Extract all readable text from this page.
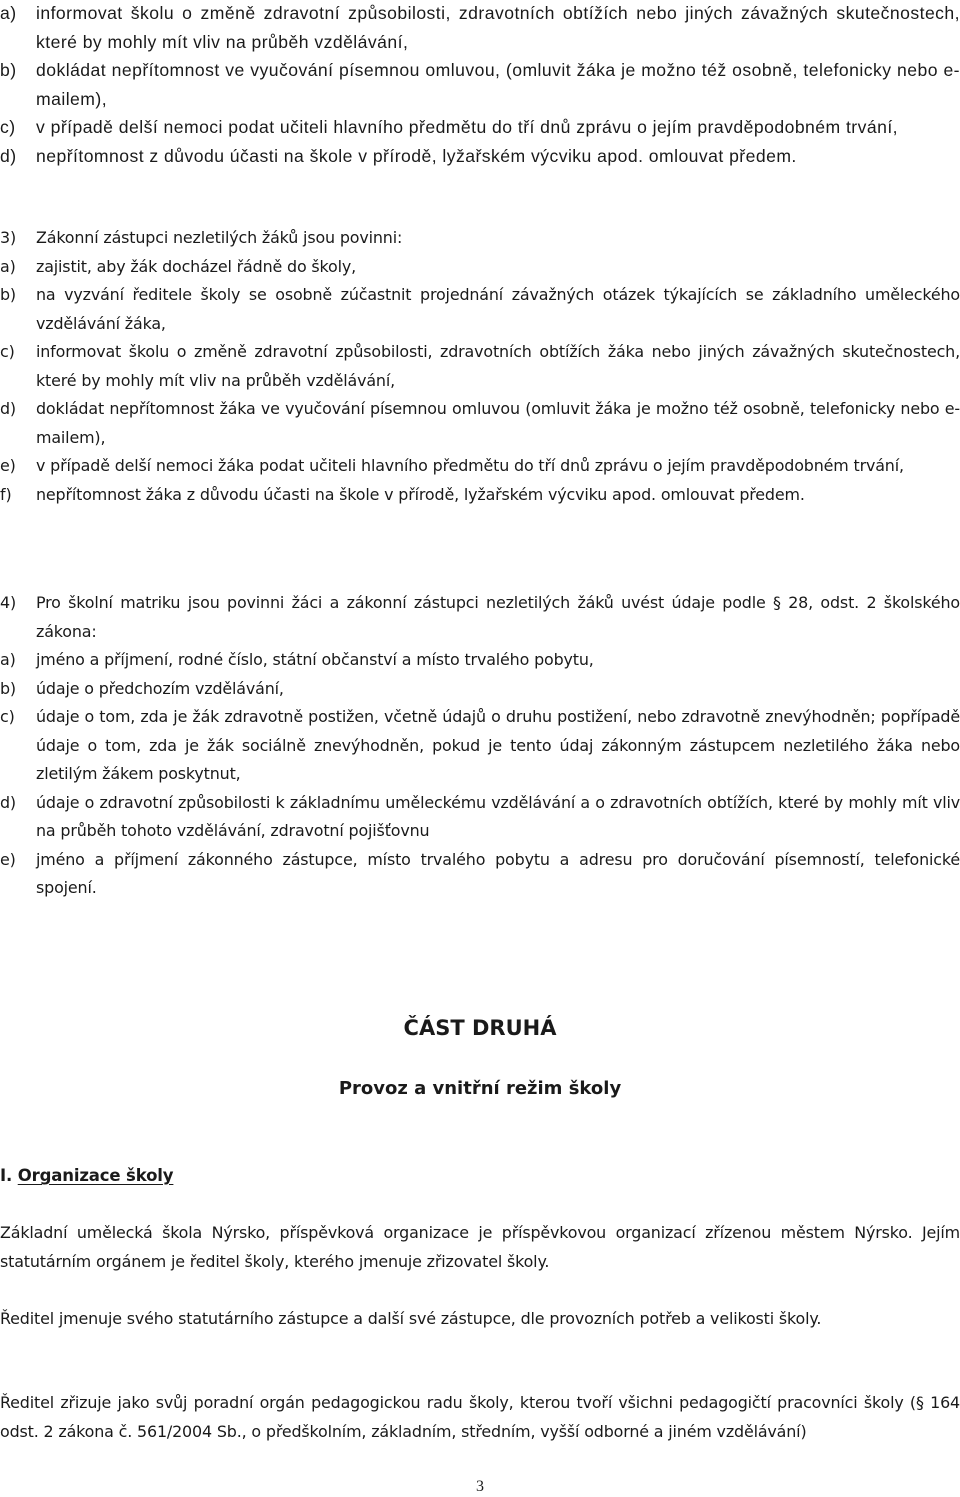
a)	informovat školu o změně zdravotní způsobilosti, zdravotních obtížích nebo jiných závažných skutečnostech, které by mohly mít vliv na průběh vzdělávání,
b)	dokládat nepřítomnost ve vyučování písemnou omluvou, (omluvit žáka je možno též osobně, telefonicky nebo e-mailem),
c)	v případě delší nemoci podat učiteli hlavního předmětu do tří dnů zprávu o jejím pravděpodobném trvání,
d)	nepřítomnost z důvodu účasti na škole v přírodě, lyžařském výcviku apod. omlouvat předem.
3)	Zákonní zástupci nezletilých žáků jsou povinni:
a)	zajistit, aby žák docházel řádně do školy,
b)	na vyzvání ředitele školy se osobně zúčastnit projednání závažných otázek týkajících se základního uměleckého vzdělávání žáka,
c)	informovat školu o změně zdravotní způsobilosti, zdravotních obtížích žáka nebo jiných závažných skutečnostech, které by mohly mít vliv na průběh vzdělávání,
d)	dokládat nepřítomnost žáka ve vyučování písemnou omluvou (omluvit žáka je možno též osobně, telefonicky nebo e-mailem),
e)	v případě delší nemoci žáka podat učiteli hlavního předmětu do tří dnů zprávu o jejím pravděpodobném trvání,
f)	nepřítomnost žáka z důvodu účasti na škole v přírodě, lyžařském výcviku apod. omlouvat předem.
4)	Pro školní matriku jsou povinni žáci a zákonní zástupci nezletilých žáků uvést údaje podle § 28, odst. 2 školského zákona:
a)	jméno a příjmení, rodné číslo, státní občanství a místo trvalého pobytu,
b)	údaje o předchozím vzdělávání,
c)	údaje o tom, zda je žák zdravotně postižen, včetně údajů o druhu postižení, nebo zdravotně znevýhodněn; popřípadě údaje o tom, zda je žák sociálně znevýhodněn, pokud je tento údaj zákonným zástupcem nezletilého žáka nebo zletilým žákem poskytnut,
d)	údaje o zdravotní způsobilosti k základnímu uměleckému vzdělávání a o zdravotních obtížích, které by mohly mít vliv na průběh tohoto vzdělávání, zdravotní pojišťovnu
e)	jméno a příjmení zákonného zástupce, místo trvalého pobytu a adresu pro doručování písemností, telefonické spojení.
ČÁST DRUHÁ
Provoz a vnitřní režim školy
I. Organizace školy
Základní umělecká škola Nýrsko, příspěvková organizace je příspěvkovou organizací zřízenou městem Nýrsko. Jejím statutárním orgánem je ředitel školy, kterého jmenuje zřizovatel školy.
Ředitel jmenuje svého statutárního zástupce a další své zástupce, dle provozních potřeb a velikosti školy.
Ředitel zřizuje jako svůj poradní orgán pedagogickou radu školy, kterou tvoří všichni pedagogičtí pracovníci školy (§ 164 odst. 2 zákona č. 561/2004 Sb., o předškolním, základním, středním, vyšší odborné a jiném vzdělávání)
3
